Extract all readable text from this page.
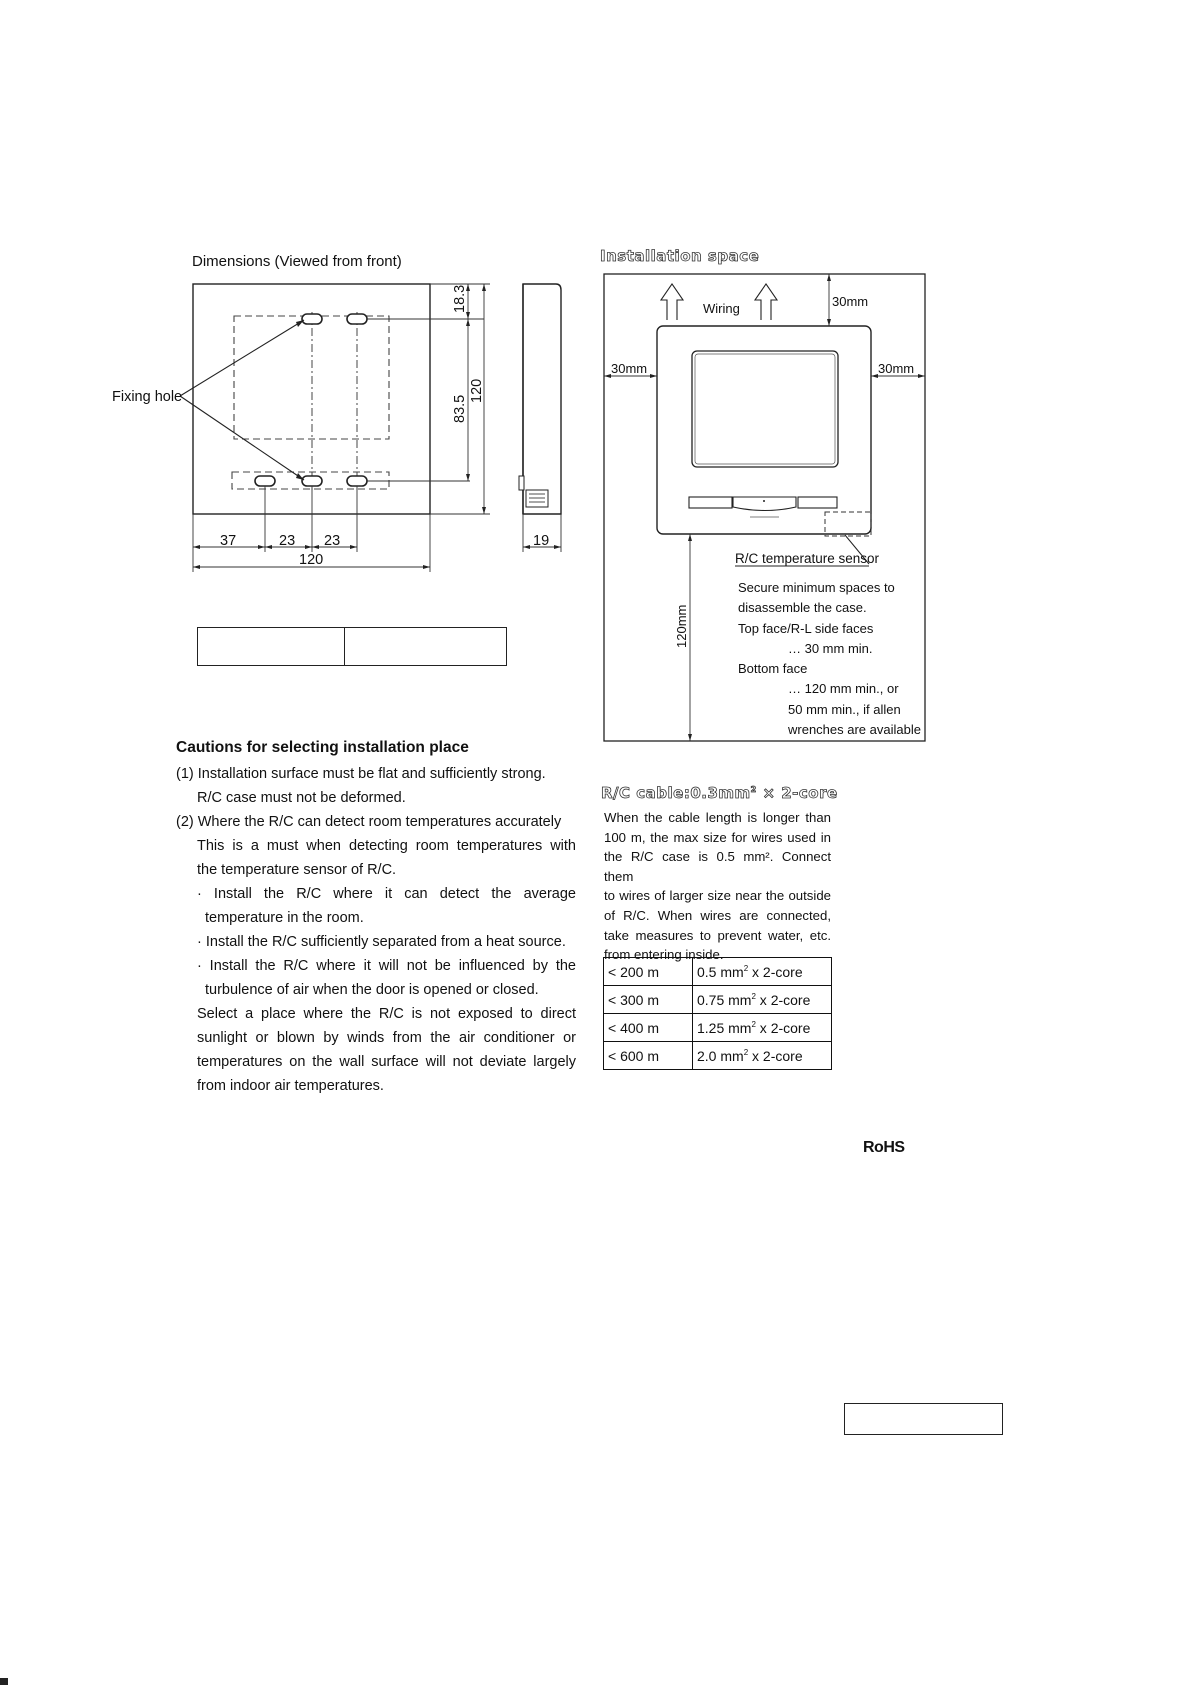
Dimensions (Viewed from front)
Fixing hole
37	23 23
120
19
18.3
83.5
120
Installation space
Wiring	30mm
R/C temperature sensor
30mm	30mm
120mm
Secure minimum spaces to
disassemble the case.
Top face/R-L side faces
… 30 mm min.
Bottom face
… 120 mm min., or
50 mm min., if allen
wrenches are available
Cautions for selecting installation place
(1) Installation surface must be flat and sufficiently strong.
R/C case must not be deformed.
(2) Where the R/C can detect room temperatures accurately
This is a must when detecting room temperatures with
the temperature sensor of R/C.
· Install the R/C where it can detect the average
temperature in the room.
· Install the R/C sufficiently separated from a heat source.
· Install the R/C where it will not be influenced by the
turbulence of air when the door is opened or closed.
Select a place where the R/C is not exposed to direct
sunlight or blown by winds from the air conditioner or
temperatures on the wall surface will not deviate largely
from indoor air temperatures.
R/C $cable:0.3mm^2$ × 2-core

When the cable length is longer than

100 m, the max size for wires used in

the R/C case is 0.5 mm². Connect them

to wires of larger size near the outside

of R/C. When wires are connected,

take measures to prevent water, etc.

from entering inside.

< 200 m	0.5 $mm^2$ x 2-core
< 300 m	0.75 $mm^2$ x 2-core
< 400 m	1.25 $mm^2$ x 2-core
< 600 m	2.0 $mm^2$ x 2-core
RoHS
